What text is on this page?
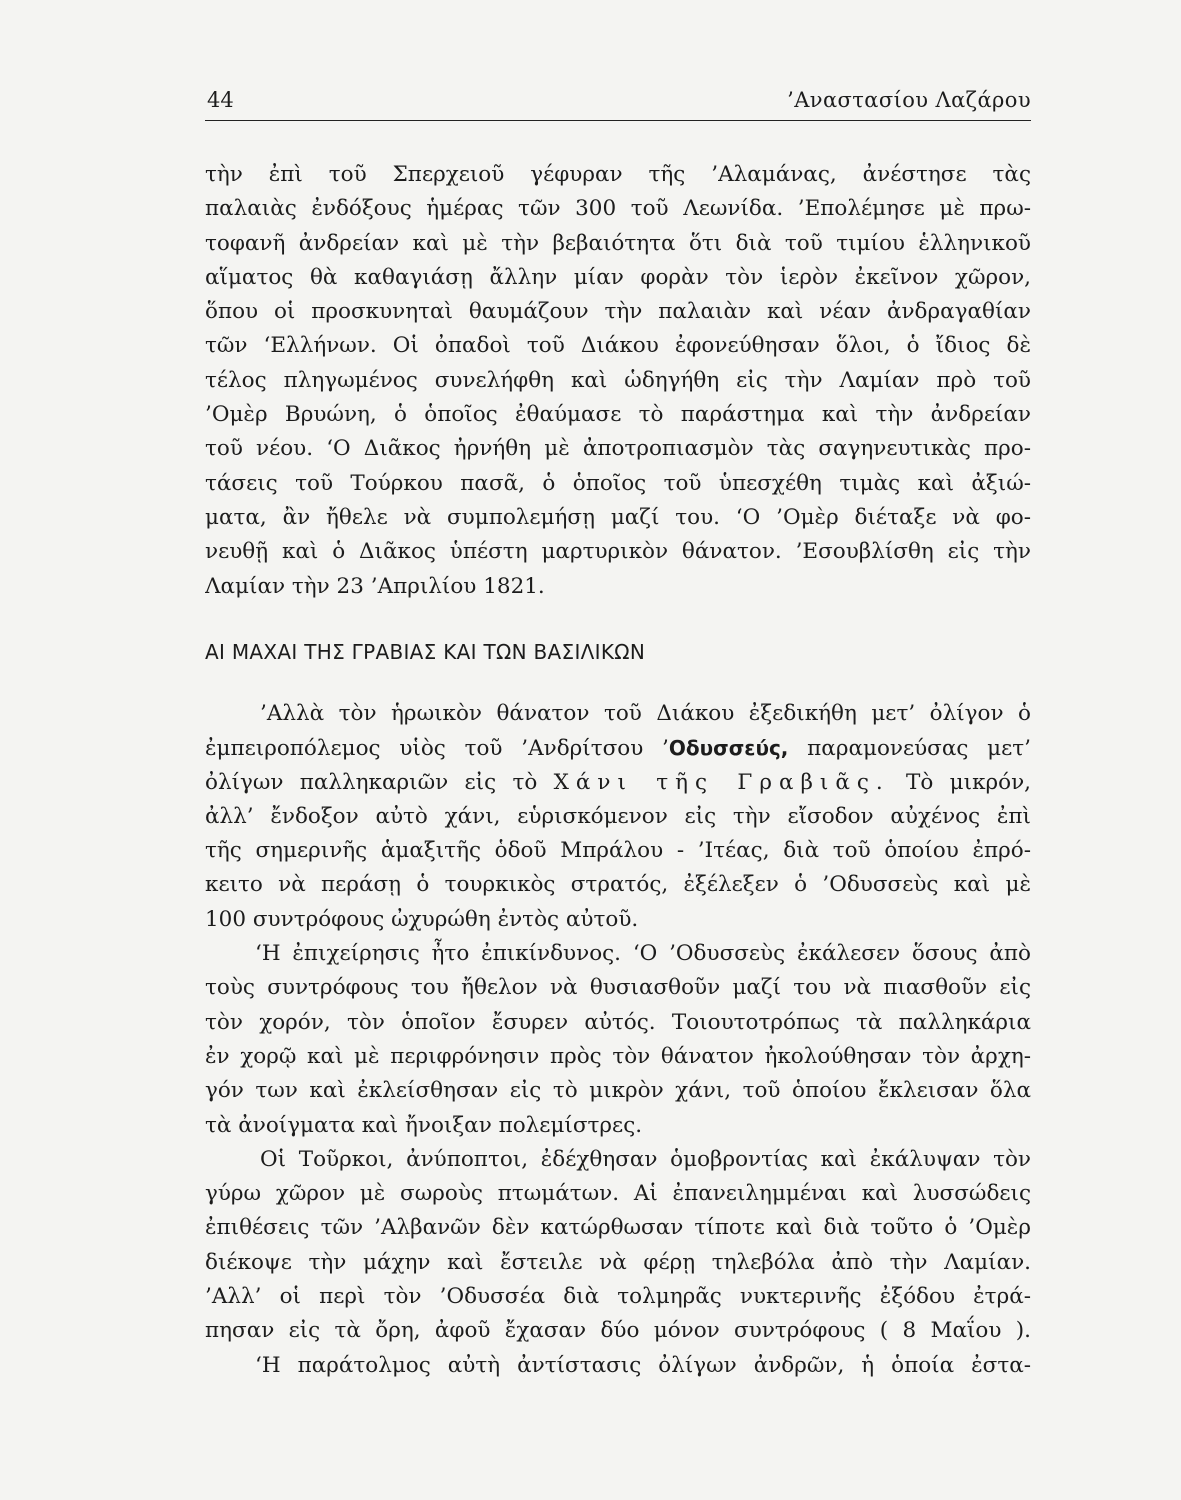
44	’Αναστασίου Λαζάρου
τὴν ἐπὶ τοῦ Σπερχειοῦ γέφυραν τῆς ’Αλαμάνας, ἀνέστησε τὰς
παλαιὰς ἐνδόξους ἡμέρας τῶν 300 τοῦ Λεωνίδα. ’Επολέμησε μὲ πρω-
τοφανῆ ἀνδρείαν καὶ μὲ τὴν βεβαιότητα ὅτι διὰ τοῦ τιμίου ἑλληνικοῦ
αἵματος θὰ καθαγιάσῃ ἄλλην μίαν φορὰν τὸν ἱερὸν ἐκεῖνον χῶρον,
ὅπου οἱ προσκυνηταὶ θαυμάζουν τὴν παλαιὰν καὶ νέαν ἀνδραγαθίαν
τῶν ‘Ελλήνων. Οἱ ὀπαδοὶ τοῦ Διάκου ἐφονεύθησαν ὅλοι, ὁ ἴδιος δὲ
τέλος πληγωμένος συνελήφθη καὶ ὡδηγήθη εἰς τὴν Λαμίαν πρὸ τοῦ
’Ομὲρ Βρυώνη, ὁ ὁποῖος ἐθαύμασε τὸ παράστημα καὶ τὴν ἀνδρείαν
τοῦ νέου. ‘Ο Διᾶκος ἠρνήθη μὲ ἀποτροπιασμὸν τὰς σαγηνευτικὰς προ-
τάσεις τοῦ Τούρκου πασᾶ, ὁ ὁποῖος τοῦ ὑπεσχέθη τιμὰς καὶ ἀξιώ-
ματα, ἂν ἤθελε νὰ συμπολεμήσῃ μαζί του. ‘Ο ’Ομὲρ διέταξε νὰ φο-
νευθῇ καὶ ὁ Διᾶκος ὑπέστη μαρτυρικὸν θάνατον. ’Εσουβλίσθη εἰς τὴν
Λαμίαν τὴν 23 ’Απριλίου 1821.
ΑΙ ΜΑΧΑΙ ΤΗΣ ΓΡΑΒΙΑΣ ΚΑΙ ΤΩΝ ΒΑΣΙΛΙΚΩΝ
’Αλλὰ τὸν ἡρωικὸν θάνατον τοῦ Διάκου ἐξεδικήθη μετ’ ὀλίγον ὁ
ἐμπειροπόλεμος υἱὸς τοῦ ’Ανδρίτσου ’Οδυσσεύς, παραμονεύσας μετ’
ὀλίγων παλληκαριῶν εἰς τὸ Χάνι τῆς Γραβιᾶς. Τὸ μικρόν,
ἀλλ’ ἔνδοξον αὐτὸ χάνι, εὑρισκόμενον εἰς τὴν εἴσοδον αὐχένος ἐπὶ
τῆς σημερινῆς ἁμαξιτῆς ὁδοῦ Μπράλου - ’Ιτέας, διὰ τοῦ ὁποίου ἐπρό-
κειτο νὰ περάσῃ ὁ τουρκικὸς στρατός, ἐξέλεξεν ὁ ’Οδυσσεὺς καὶ μὲ
100 συντρόφους ὠχυρώθη ἐντὸς αὐτοῦ.
‘Η ἐπιχείρησις ἦτο ἐπικίνδυνος. ‘Ο ’Οδυσσεὺς ἐκάλεσεν ὅσους ἀπὸ
τοὺς συντρόφους του ἤθελον νὰ θυσιασθοῦν μαζί του νὰ πιασθοῦν εἰς
τὸν χορόν, τὸν ὁποῖον ἔσυρεν αὐτός. Τοιουτοτρόπως τὰ παλληκάρια
ἐν χορῷ καὶ μὲ περιφρόνησιν πρὸς τὸν θάνατον ἠκολούθησαν τὸν ἀρχη-
γόν των καὶ ἐκλείσθησαν εἰς τὸ μικρὸν χάνι, τοῦ ὁποίου ἔκλεισαν ὅλα
τὰ ἀνοίγματα καὶ ἤνοιξαν πολεμίστρες.
Οἱ Τοῦρκοι, ἀνύποπτοι, ἐδέχθησαν ὁμοβροντίας καὶ ἐκάλυψαν τὸν
γύρω χῶρον μὲ σωροὺς πτωμάτων. Αἱ ἐπανειλημμέναι καὶ λυσσώδεις
ἐπιθέσεις τῶν ’Αλβανῶν δὲν κατώρθωσαν τίποτε καὶ διὰ τοῦτο ὁ ’Ομὲρ
διέκοψε τὴν μάχην καὶ ἔστειλε νὰ φέρῃ τηλεβόλα ἀπὸ τὴν Λαμίαν.
’Αλλ’ οἱ περὶ τὸν ’Οδυσσέα διὰ τολμηρᾶς νυκτερινῆς ἐξόδου ἐτρά-
πησαν εἰς τὰ ὄρη, ἀφοῦ ἔχασαν δύο μόνον συντρόφους ( 8 Μαΐου ).
‘Η παράτολμος αὐτὴ ἀντίστασις ὀλίγων ἀνδρῶν, ἡ ὁποία ἐστα-
